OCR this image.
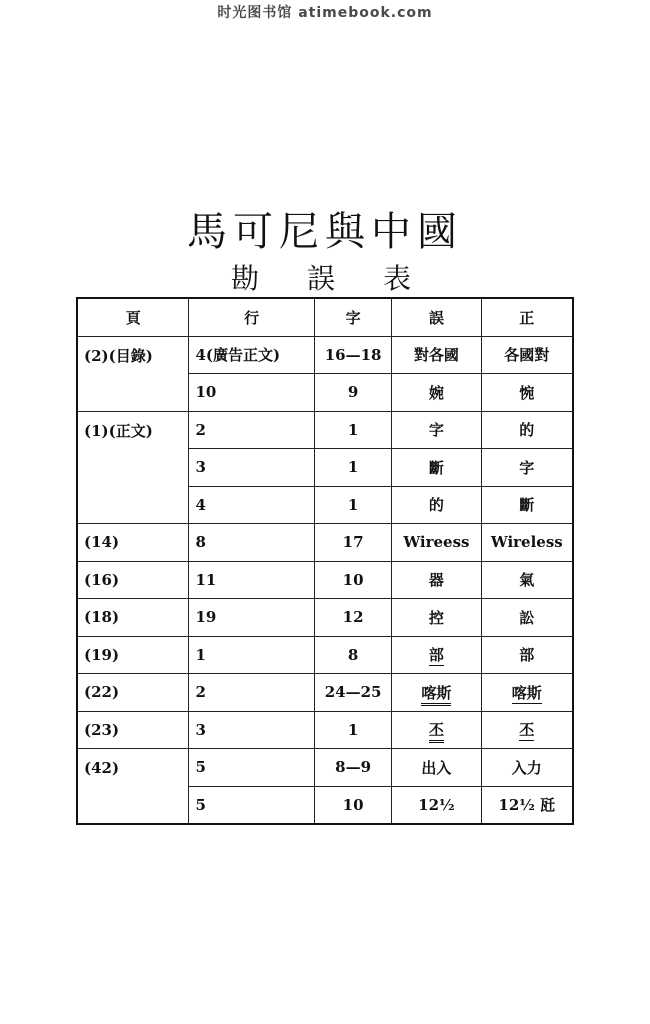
时光图书馆 atimebook.com
馬可尼與中國
勘誤表
頁	行	字	誤	正
(2)(目錄)	4(廣告正文)	16—18	對各國	各國對
	10	9	婉	惋
(1)(正文)	2	1	字	的
	3	1	斷	字
	4	1	的	斷
(14)	8	17	Wireess	Wireless
(16)	11	10	器	氣
(18)	19	12	控	訟
(19)	1	8	部	部
(22)	2	24—25	喀斯	喀斯
(23)	3	1	丕	丕
(42)	5	8—9	出入	入力
	5	10	12½	12½ 瓩
